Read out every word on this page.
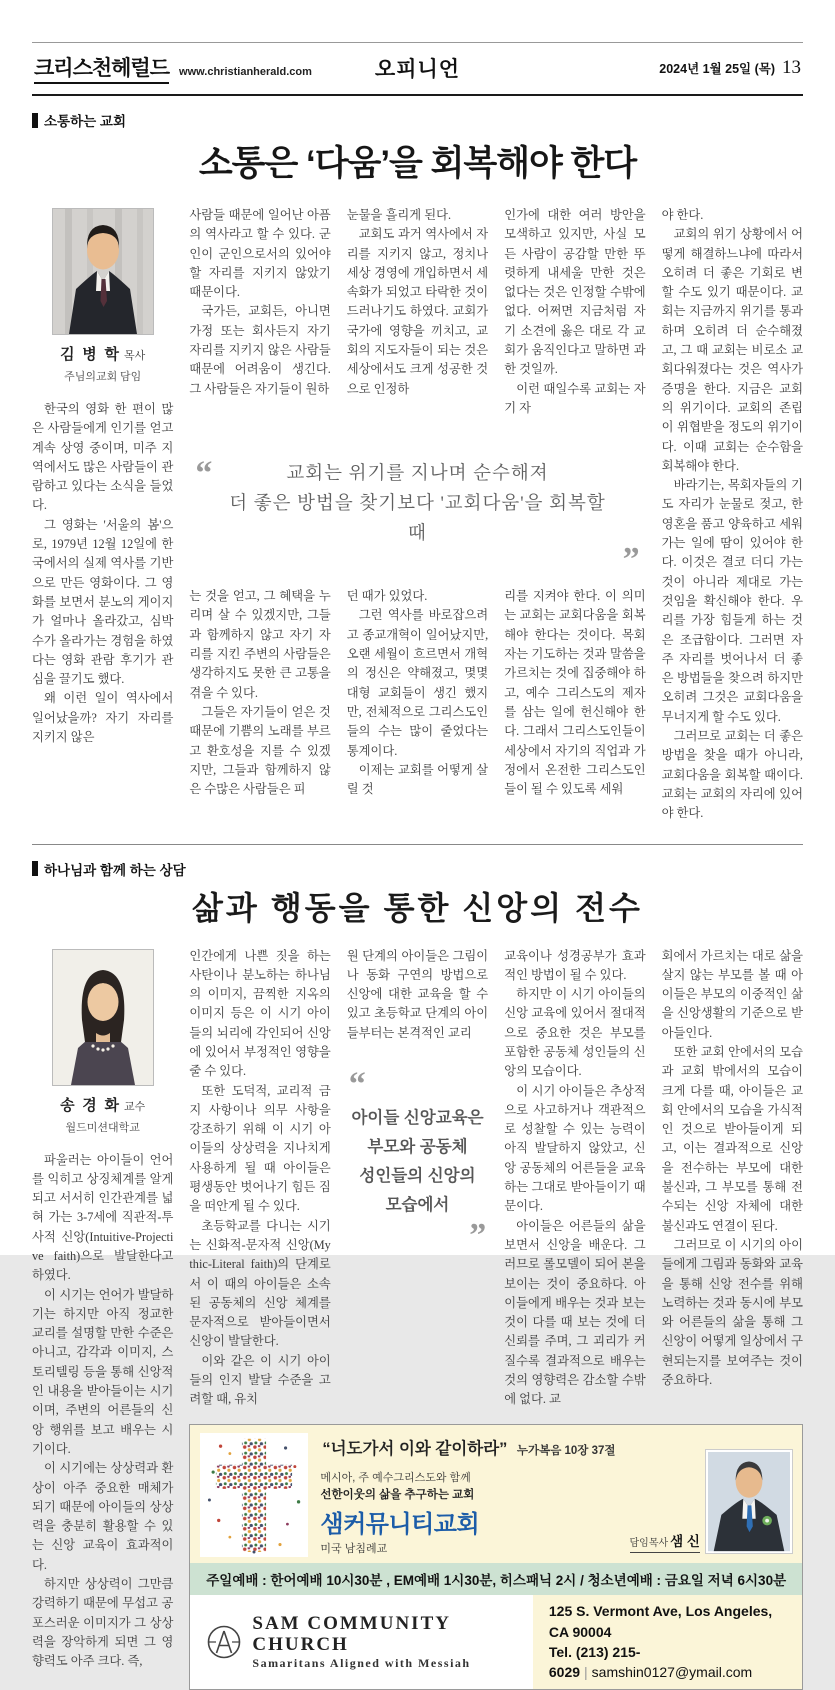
크리스천헤럴드 www.christianherald.com	오피니언	2024년 1월 25일 (목) 13
소통하는 교회
소통은 ‘다움’을 회복해야 한다
김 병 학 목사
주님의교회 담임

한국의 영화 한 편이 많은 사람들에게 인기를 얻고 계속 상영 중이며, 미주 지역에서도 많은 사람들이 관람하고 있다는 소식을 들었다.

그 영화는 '서울의 봄'으로, 1979년 12월 12일에 한국에서의 실제 역사를 기반으로 만든 영화이다. 그 영화를 보면서 분노의 게이지가 얼마나 올라갔고, 심박수가 올라가는 경험을 하였다는 영화 관람 후기가 관심을 끌기도 했다.

왜 이런 일이 역사에서 일어났을까? 자기 자리를 지키지 않은

사람들 때문에 일어난 아픔의 역사라고 할 수 있다. 군인이 군인으로서의 있어야 할 자리를 지키지 않았기 때문이다.

국가든, 교회든, 아니면 가정 또는 회사든지 자기 자리를 지키지 않은 사람들 때문에 어려움이 생긴다. 그 사람들은 자기들이 원하

눈물을 흘리게 된다.

교회도 과거 역사에서 자리를 지키지 않고, 정치나 세상 경영에 개입하면서 세속화가 되었고 타락한 것이 드러나기도 하였다. 교회가 국가에 영향을 끼치고, 교회의 지도자들이 되는 것은 세상에서도 크게 성공한 것으로 인정하

인가에 대한 여러 방안을 모색하고 있지만, 사실 모든 사람이 공감할 만한 뚜렷하게 내세울 만한 것은 없다는 것은 인정할 수밖에 없다. 어쩌면 지금처럼 자기 소견에 옳은 대로 각 교회가 움직인다고 말하면 과한 것일까.

이런 때일수록 교회는 자기 자

“	교회는 위기를 지나며 순수해져
더 좋은 방법을 찾기보다 '교회다움'을 회복할 때
”

는 것을 얻고, 그 혜택을 누리며 살 수 있겠지만, 그들과 함께하지 않고 자기 자리를 지킨 주변의 사람들은 생각하지도 못한 큰 고통을 겪을 수 있다.

그들은 자기들이 얻은 것 때문에 기쁨의 노래를 부르고 환호성을 지를 수 있겠지만, 그들과 함께하지 않은 수많은 사람들은 피

던 때가 있었다.

그런 역사를 바로잡으려고 종교개혁이 일어났지만, 오랜 세월이 흐르면서 개혁의 정신은 약해졌고, 몇몇 대형 교회들이 생긴 했지만, 전체적으로 그리스도인들의 수는 많이 줄었다는 통계이다.

이제는 교회를 어떻게 살릴 것

리를 지켜야 한다. 이 의미는 교회는 교회다움을 회복해야 한다는 것이다. 목회자는 기도하는 것과 말씀을 가르치는 것에 집중해야 하고, 예수 그리스도의 제자를 삼는 일에 헌신해야 한다. 그래서 그리스도인들이 세상에서 자기의 직업과 가정에서 온전한 그리스도인들이 될 수 있도록 세워

야 한다.

교회의 위기 상황에서 어떻게 해결하느냐에 따라서 오히려 더 좋은 기회로 변할 수도 있기 때문이다. 교회는 지금까지 위기를 통과하며 오히려 더 순수해졌고, 그 때 교회는 비로소 교회다워졌다는 것은 역사가 증명을 한다. 지금은 교회의 위기이다. 교회의 존립이 위협받을 정도의 위기이다. 이때 교회는 순수함을 회복해야 한다.

바라기는, 목회자들의 기도 자리가 눈물로 젖고, 한 영혼을 품고 양육하고 세워가는 일에 땀이 있어야 한다. 이것은 결코 더디 가는 것이 아니라 제대로 가는 것임을 확신해야 한다. 우리를 가장 힘들게 하는 것은 조급함이다. 그러면 자주 자리를 벗어나서 더 좋은 방법들을 찾으려 하지만 오히려 그것은 교회다움을 무너지게 할 수도 있다.

그러므로 교회는 더 좋은 방법을 찾을 때가 아니라, 교회다움을 회복할 때이다. 교회는 교회의 자리에 있어야 한다.

하나님과 함께 하는 상담
삶과 행동을 통한 신앙의 전수
송 경 화 교수
월드미션대학교

파울러는 아이들이 언어를 익히고 상징체계를 알게 되고 서서히 인간관계를 넓혀 가는 3-7세에 직관적-투사적 신앙(Intuitive-Projective faith)으로 발달한다고 하였다.

이 시기는 언어가 발달하기는 하지만 아직 정교한 교리를 설명할 만한 수준은 아니고, 감각과 이미지, 스토리텔링 등을 통해 신앙적인 내용을 받아들이는 시기이며, 주변의 어른들의 신앙 행위를 보고 배우는 시기이다.

이 시기에는 상상력과 환상이 아주 중요한 매체가 되기 때문에 아이들의 상상력을 충분히 활용할 수 있는 신앙 교육이 효과적이다.

하지만 상상력이 그만큼 강력하기 때문에 무섭고 공포스러운 이미지가 그 상상력을 장악하게 되면 그 영향력도 아주 크다. 즉,

인간에게 나쁜 짓을 하는 사탄이나 분노하는 하나님의 이미지, 끔찍한 지옥의 이미지 등은 이 시기 아이들의 뇌리에 각인되어 신앙에 있어서 부정적인 영향을 줄 수 있다.

또한 도덕적, 교리적 금지 사항이나 의무 사항을 강조하기 위해 이 시기 아이들의 상상력을 지나치게 사용하게 될 때 아이들은 평생동안 벗어나기 힘든 짐을 떠안게 될 수 있다.

초등학교를 다니는 시기는 신화적-문자적 신앙(Mythic-Literal faith)의 단계로서 이 때의 아이들은 소속된 공동체의 신앙 체계를 문자적으로 받아들이면서 신앙이 발달한다.

이와 같은 이 시기 아이들의 인지 발달 수준을 고려할 때, 유치

원 단계의 아이들은 그림이나 동화 구연의 방법으로 신앙에 대한 교육을 할 수 있고 초등학교 단계의 아이들부터는 본격적인 교리

“
아이들 신앙교육은
부모와 공동체
성인들의 신앙의
모습에서
”

교육이나 성경공부가 효과적인 방법이 될 수 있다.

하지만 이 시기 아이들의 신앙 교육에 있어서 절대적으로 중요한 것은 부모를 포함한 공동체 성인들의 신앙의 모습이다.

이 시기 아이들은 추상적으로 사고하거나 객관적으로 성찰할 수 있는 능력이 아직 발달하지 않았고, 신앙 공동체의 어른들을 교육하는 그대로 받아들이기 때문이다.

아이들은 어른들의 삶을 보면서 신앙을 배운다. 그러므로 롤모델이 되어 본을 보이는 것이 중요하다. 아이들에게 배우는 것과 보는 것이 다를 때 보는 것에 더 신뢰를 주며, 그 괴리가 커질수록 결과적으로 배우는 것의 영향력은 감소할 수밖에 없다. 교

회에서 가르치는 대로 삶을 살지 않는 부모를 볼 때 아이들은 부모의 이중적인 삶을 신앙생활의 기준으로 받아들인다.

또한 교회 안에서의 모습과 교회 밖에서의 모습이 크게 다를 때, 아이들은 교회 안에서의 모습을 가식적인 것으로 받아들이게 되고, 이는 결과적으로 신앙을 전수하는 부모에 대한 불신과, 그 부모를 통해 전수되는 신앙 자체에 대한 불신과도 연결이 된다.

그러므로 이 시기의 아이들에게 그림과 동화와 교육을 통해 신앙 전수를 위해 노력하는 것과 동시에 부모와 어른들의 삶을 통해 그 신앙이 어떻게 일상에서 구현되는지를 보여주는 것이 중요하다.

“너도가서 이와 같이하라” 누가복음 10장 37절
메시아, 주 예수그리스도와 함께
선한이웃의 삶을 추구하는 교회
샘커뮤니티교회
미국 남침례교	담임목사 샘 신
주일예배 : 한어예배 10시30분 , EM예배 1시30분, 히스패닉 2시 / 청소년예배 : 금요일 저녁 6시30분
SAM COMMUNITY CHURCH
Samaritans Aligned with Messiah
125 S. Vermont Ave, Los Angeles, CA 90004
Tel. (213) 215-6029 | samshin0127@ymail.com
